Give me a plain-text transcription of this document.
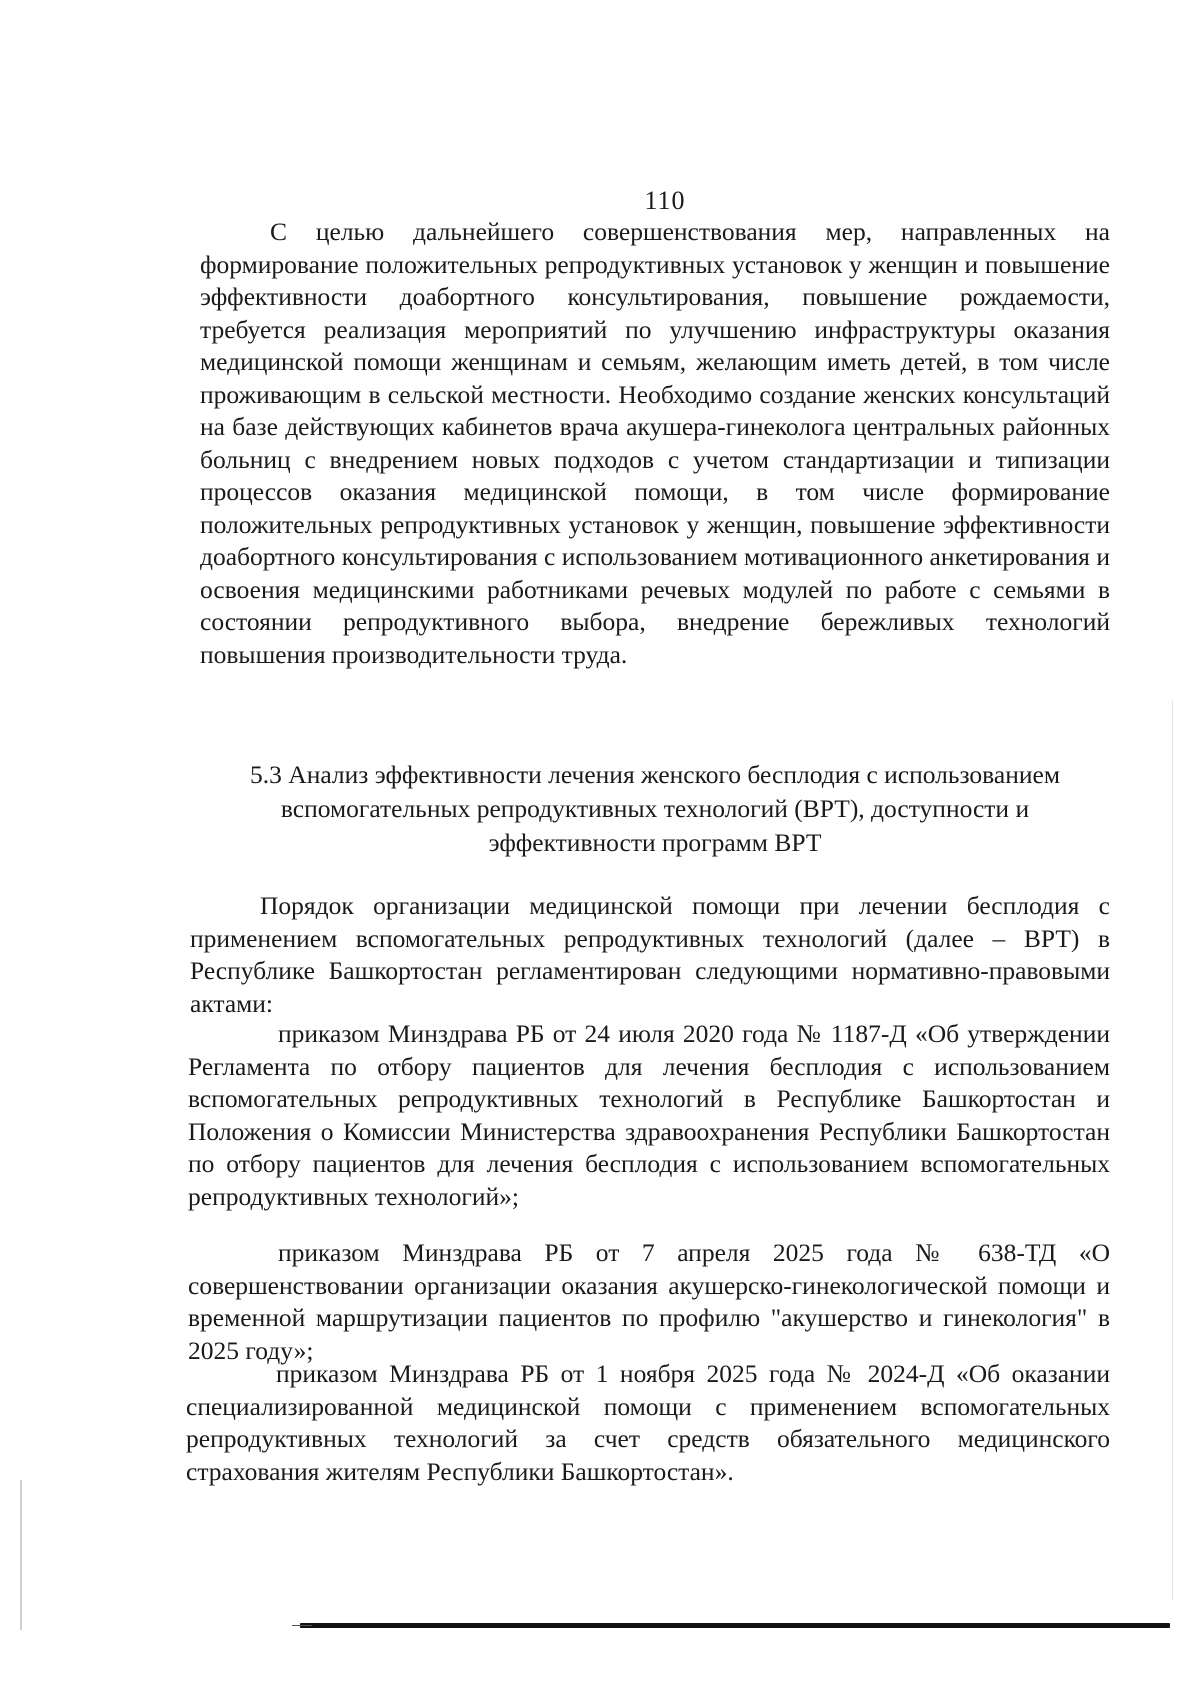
110

С целью дальнейшего совершенствования мер, направленных на формирование положительных репродуктивных установок у женщин и повышение эффективности доабортного консультирования, повышение рождаемости, требуется реализация мероприятий по улучшению инфраструктуры оказания медицинской помощи женщинам и семьям, желающим иметь детей, в том числе проживающим в сельской местности. Необходимо создание женских консультаций на базе действующих кабинетов врача акушера-гинеколога центральных районных больниц с внедрением новых подходов с учетом стандартизации и типизации процессов оказания медицинской помощи, в том числе формирование положительных репродуктивных установок у женщин, повышение эффективности доабортного консультирования с использованием мотивационного анкетирования и освоения медицинскими работниками речевых модулей по работе с семьями в состоянии репродуктивного выбора, внедрение бережливых технологий повышения производительности труда.

5.3 Анализ эффективности лечения женского бесплодия с использованием вспомогательных репродуктивных технологий (ВРТ), доступности и эффективности программ ВРТ

Порядок организации медицинской помощи при лечении бесплодия с применением вспомогательных репродуктивных технологий (далее – ВРТ) в Республике Башкортостан регламентирован следующими нормативно-правовыми актами:

приказом Минздрава РБ от 24 июля 2020 года № 1187-Д «Об утверждении Регламента по отбору пациентов для лечения бесплодия с использованием вспомогательных репродуктивных технологий в Республике Башкортостан и Положения о Комиссии Министерства здравоохранения Республики Башкортостан по отбору пациентов для лечения бесплодия с использованием вспомогательных репродуктивных технологий»;

приказом Минздрава РБ от 7 апреля 2025 года № 638-ТД «О совершенствовании организации оказания акушерско-гинекологической помощи и временной маршрутизации пациентов по профилю "акушерство и гинекология" в 2025 году»;

приказом Минздрава РБ от 1 ноября 2025 года № 2024-Д «Об оказании специализированной медицинской помощи с применением вспомогательных репродуктивных технологий за счет средств обязательного медицинского страхования жителям Республики Башкортостан».
